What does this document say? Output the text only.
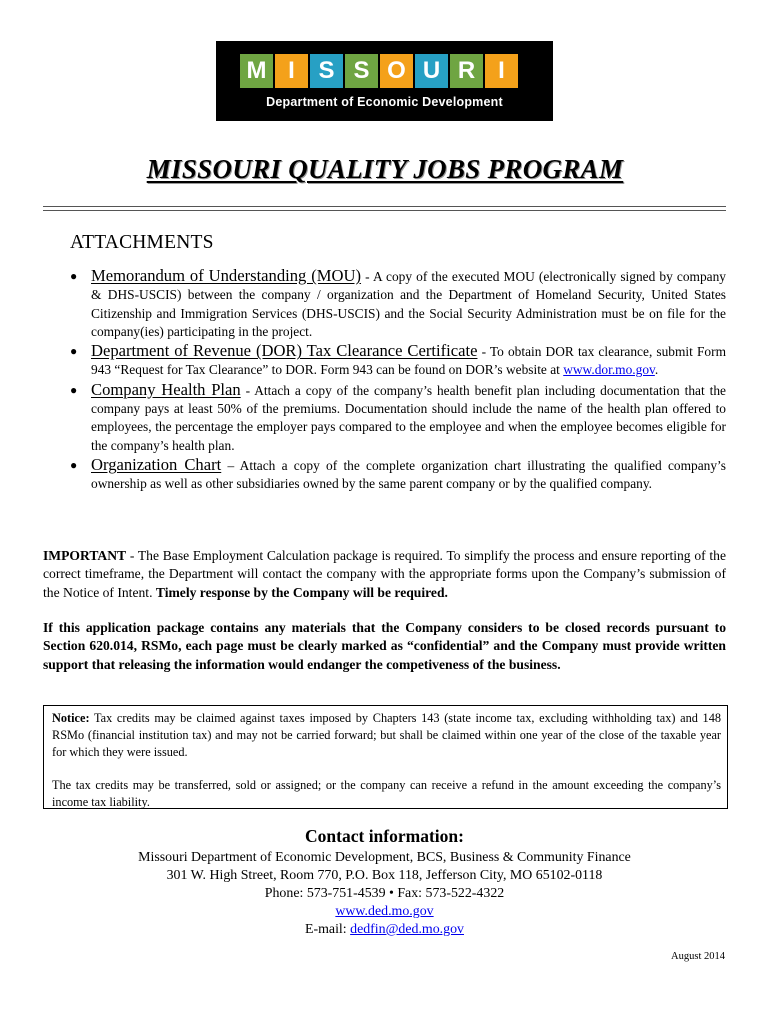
M I S S O U R I
Department of Economic Development
MISSOURI QUALITY JOBS PROGRAM
ATTACHMENTS
● Memorandum of Understanding (MOU) - A copy of the executed MOU (electronically signed by company & DHS-USCIS) between the company / organization and the Department of Homeland Security, United States Citizenship and Immigration Services (DHS-USCIS) and the Social Security Administration must be on file for the company(ies) participating in the project.
● Department of Revenue (DOR) Tax Clearance Certificate - To obtain DOR tax clearance, submit Form 943 “Request for Tax Clearance” to DOR. Form 943 can be found on DOR’s website at www.dor.mo.gov.
● Company Health Plan - Attach a copy of the company’s health benefit plan including documentation that the company pays at least 50% of the premiums. Documentation should include the name of the health plan offered to employees, the percentage the employer pays compared to the employee and when the employee becomes eligible for the company’s health plan.
● Organization Chart – Attach a copy of the complete organization chart illustrating the qualified company’s ownership as well as other subsidiaries owned by the same parent company or by the qualified company.
IMPORTANT - The Base Employment Calculation package is required. To simplify the process and ensure reporting of the correct timeframe, the Department will contact the company with the appropriate forms upon the Company’s submission of the Notice of Intent. Timely response by the Company will be required.
If this application package contains any materials that the Company considers to be closed records pursuant to Section 620.014, RSMo, each page must be clearly marked as “confidential” and the Company must provide written support that releasing the information would endanger the competiveness of the business.

Notice: Tax credits may be claimed against taxes imposed by Chapters 143 (state income tax, excluding withholding tax) and 148 RSMo (financial institution tax) and may not be carried forward; but shall be claimed within one year of the close of the taxable year for which they were issued.

The tax credits may be transferred, sold or assigned; or the company can receive a refund in the amount exceeding the company’s income tax liability.

Contact information:
Missouri Department of Economic Development, BCS, Business & Community Finance
301 W. High Street, Room 770, P.O. Box 118, Jefferson City, MO 65102-0118
Phone: 573-751-4539 • Fax: 573-522-4322
www.ded.mo.gov
E-mail: dedfin@ded.mo.gov
August 2014
